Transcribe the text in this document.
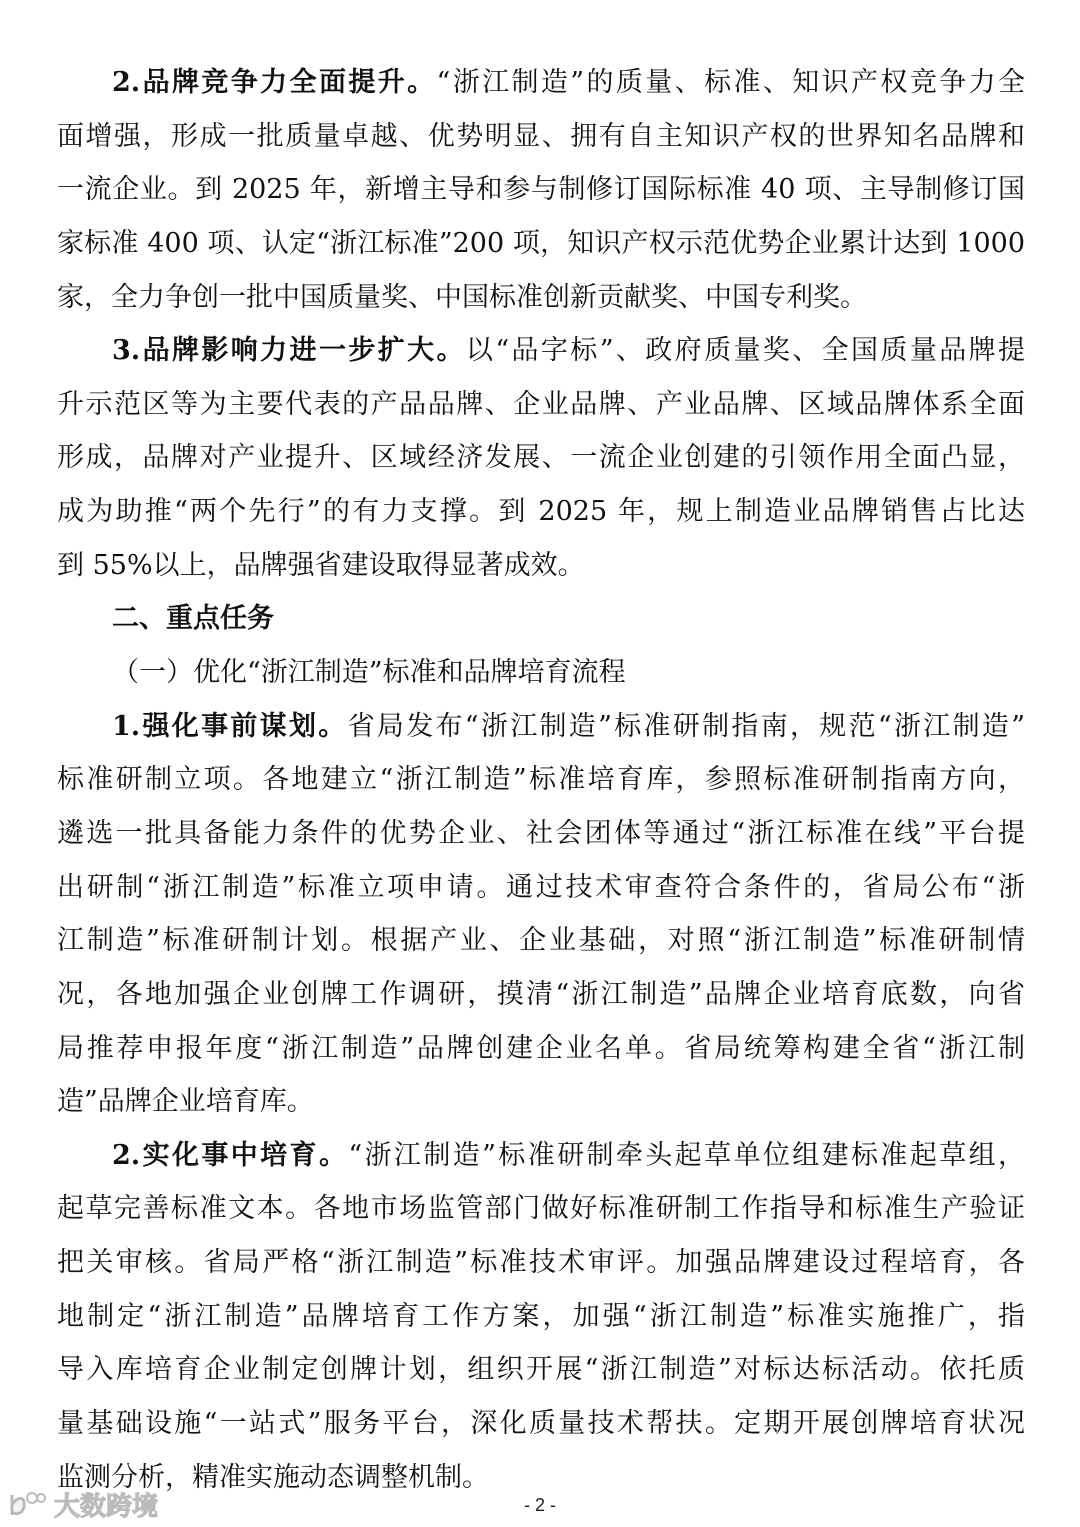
2.品牌竞争力全面提升。“浙江制造”的质量、标准、知识产权竞争力全
面增强，形成一批质量卓越、优势明显、拥有自主知识产权的世界知名品牌和
一流企业。到 2025 年，新增主导和参与制修订国际标准 40 项、主导制修订国
家标准 400 项、认定“浙江标准”200 项，知识产权示范优势企业累计达到 1000
家，全力争创一批中国质量奖、中国标准创新贡献奖、中国专利奖。
3.品牌影响力进一步扩大。以“品字标”、政府质量奖、全国质量品牌提
升示范区等为主要代表的产品品牌、企业品牌、产业品牌、区域品牌体系全面
形成，品牌对产业提升、区域经济发展、一流企业创建的引领作用全面凸显，
成为助推“两个先行”的有力支撑。到 2025 年，规上制造业品牌销售占比达
到 55%以上，品牌强省建设取得显著成效。
二、重点任务
（一）优化“浙江制造”标准和品牌培育流程
1.强化事前谋划。省局发布“浙江制造”标准研制指南，规范“浙江制造”
标准研制立项。各地建立“浙江制造”标准培育库，参照标准研制指南方向，
遴选一批具备能力条件的优势企业、社会团体等通过“浙江标准在线”平台提
出研制“浙江制造”标准立项申请。通过技术审查符合条件的，省局公布“浙
江制造”标准研制计划。根据产业、企业基础，对照“浙江制造”标准研制情
况，各地加强企业创牌工作调研，摸清“浙江制造”品牌企业培育底数，向省
局推荐申报年度“浙江制造”品牌创建企业名单。省局统筹构建全省“浙江制
造”品牌企业培育库。
2.实化事中培育。“浙江制造”标准研制牵头起草单位组建标准起草组，
起草完善标准文本。各地市场监管部门做好标准研制工作指导和标准生产验证
把关审核。省局严格“浙江制造”标准技术审评。加强品牌建设过程培育，各
地制定“浙江制造”品牌培育工作方案，加强“浙江制造”标准实施推广，指
导入库培育企业制定创牌计划，组织开展“浙江制造”对标达标活动。依托质
量基础设施“一站式”服务平台，深化质量技术帮扶。定期开展创牌培育状况
监测分析，精准实施动态调整机制。
大数跨境	- 2 -
